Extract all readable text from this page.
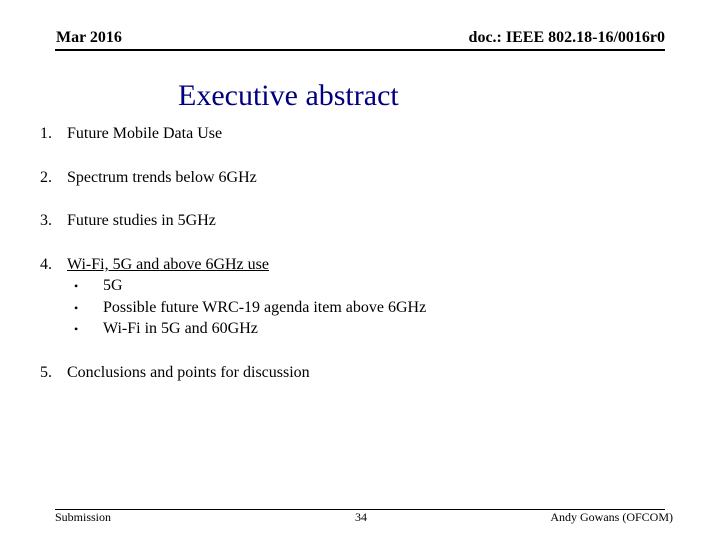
Mar 2016	doc.: IEEE 802.18-16/0016r0
Executive abstract
1. Future Mobile Data Use
2. Spectrum trends below 6GHz
3. Future studies in 5GHz
4. Wi-Fi, 5G and above 6GHz use
• 5G
• Possible future WRC-19 agenda item above 6GHz
• Wi-Fi in 5G and 60GHz
5. Conclusions and points for discussion
Submission	34	Andy Gowans (OFCOM)
